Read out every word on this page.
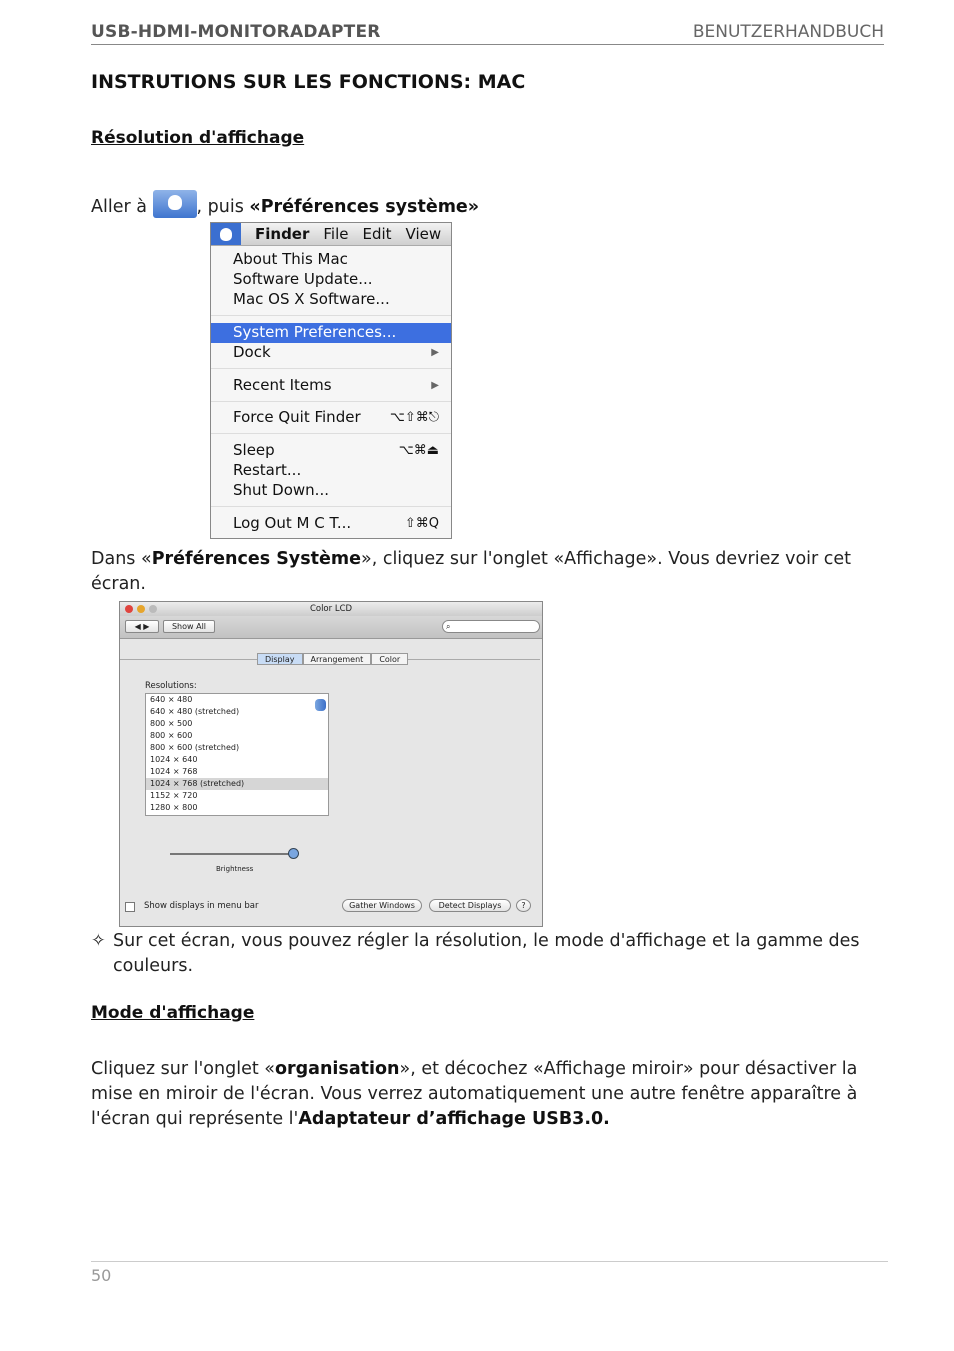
USB-HDMI-MONITORADAPTER	BENUTZERHANDBUCH
INSTRUTIONS SUR LES FONCTIONS: MAC
Résolution d'affichage
Aller à	, puis «Préférences système»
Finder File Edit View
About This Mac
Software Update...
Mac OS X Software...
System Preferences...
Dock	▶
Recent Items	▶
Force Quit Finder ⌥⇧⌘⎋
Sleep	⌥⌘⏏
Restart...
Shut Down...
Log Out M C T...	⇧⌘Q
Dans «Préférences Système», cliquez sur l'onglet «Affichage». Vous devriez voir cet écran.
Color LCD
◀ ▶	Show All	⌕
Display	Arrangement	Color
Resolutions:
640 × 480
640 × 480 (stretched)
800 × 500
800 × 600
800 × 600 (stretched)
1024 × 640
1024 × 768
1024 × 768 (stretched)
1152 × 720
1280 × 800
Brightness
Show displays in menu bar	Gather Windows	Detect Displays	?
✧ Sur cet écran, vous pouvez régler la résolution, le mode d'affichage et la gamme des couleurs.
Mode d'affichage
Cliquez sur l'onglet «organisation», et décochez «Affichage miroir» pour désactiver la mise en miroir de l'écran. Vous verrez automatiquement une autre fenêtre apparaître à l'écran qui représente l'Adaptateur d’affichage USB3.0.
50
